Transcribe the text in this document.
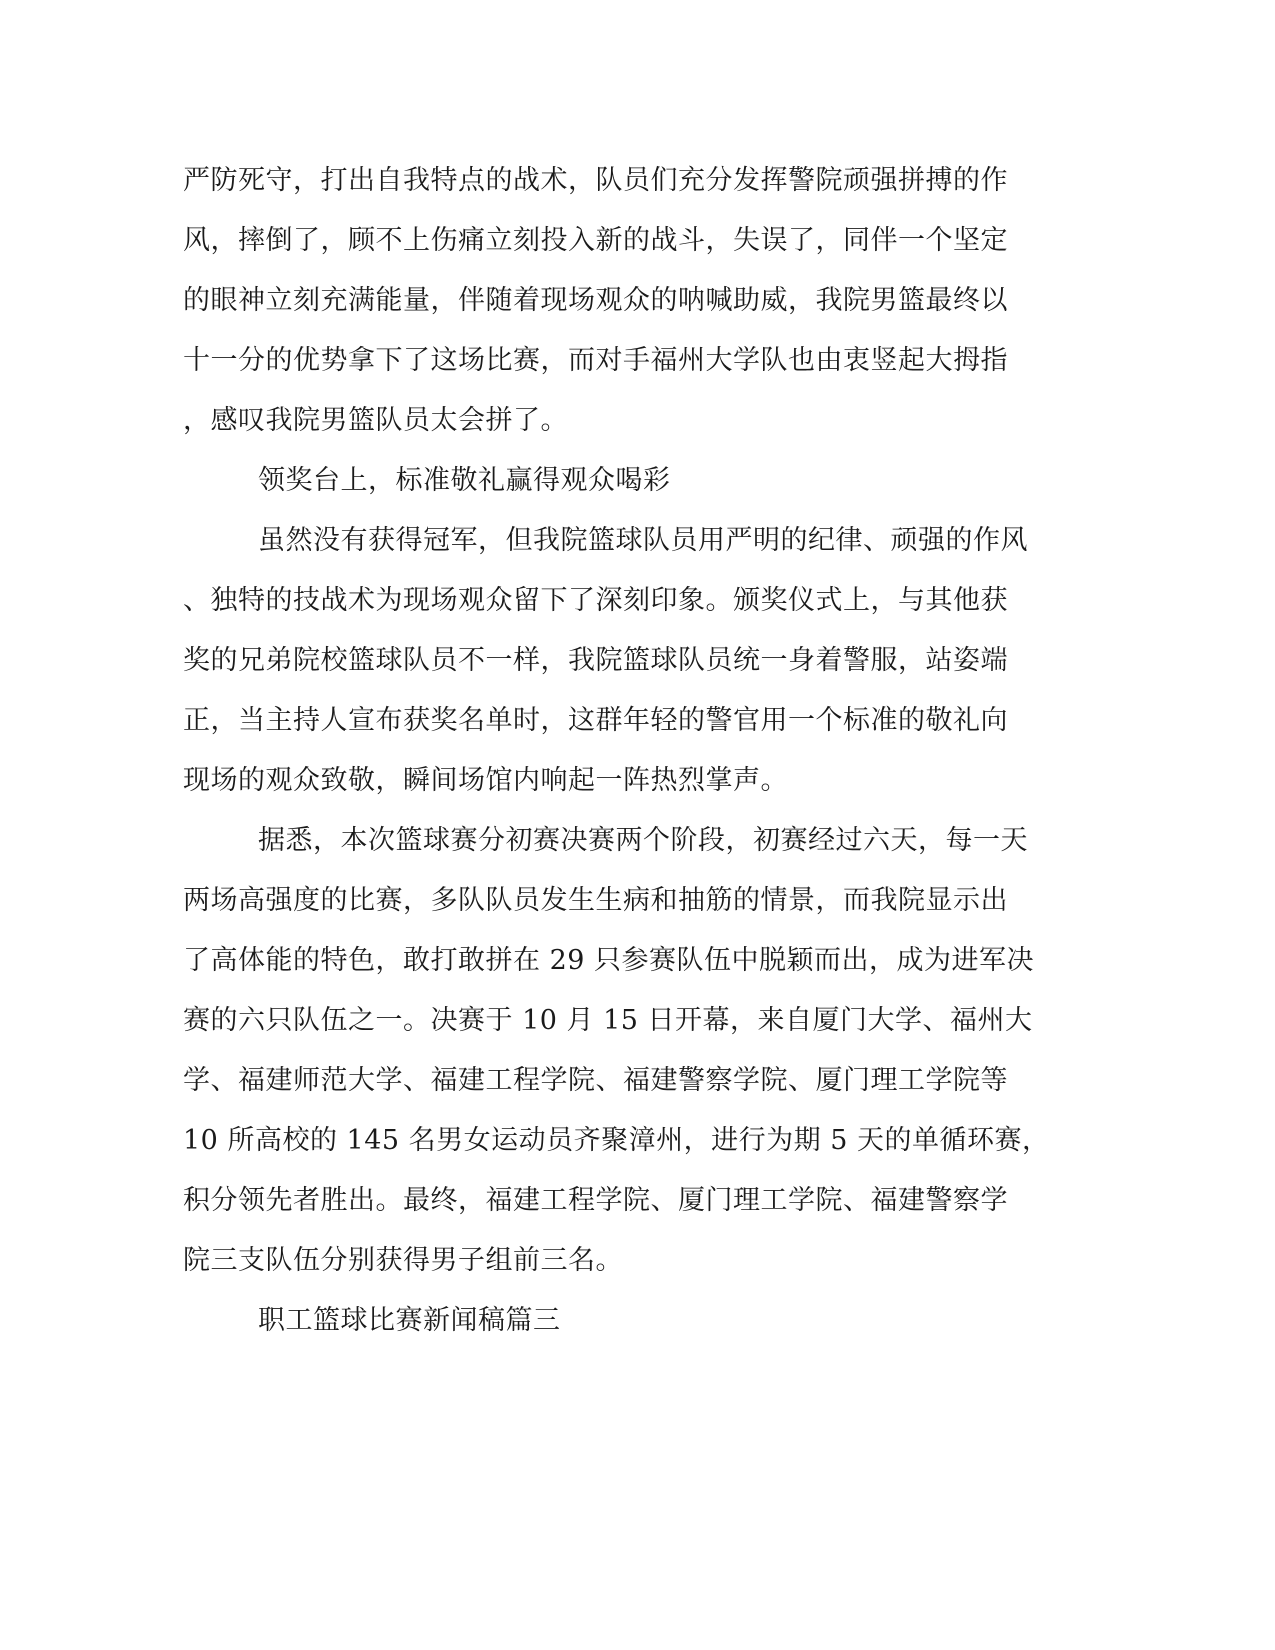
严防死守，打出自我特点的战术，队员们充分发挥警院顽强拼搏的作
风，摔倒了，顾不上伤痛立刻投入新的战斗，失误了，同伴一个坚定
的眼神立刻充满能量，伴随着现场观众的呐喊助威，我院男篮最终以
十一分的优势拿下了这场比赛，而对手福州大学队也由衷竖起大拇指
，感叹我院男篮队员太会拼了。
领奖台上，标准敬礼赢得观众喝彩
虽然没有获得冠军，但我院篮球队员用严明的纪律、顽强的作风
、独特的技战术为现场观众留下了深刻印象。颁奖仪式上，与其他获
奖的兄弟院校篮球队员不一样，我院篮球队员统一身着警服，站姿端
正，当主持人宣布获奖名单时，这群年轻的警官用一个标准的敬礼向
现场的观众致敬，瞬间场馆内响起一阵热烈掌声。
据悉，本次篮球赛分初赛决赛两个阶段，初赛经过六天，每一天
两场高强度的比赛，多队队员发生生病和抽筋的情景，而我院显示出
了高体能的特色，敢打敢拼在 29 只参赛队伍中脱颖而出，成为进军决
赛的六只队伍之一。决赛于 10 月 15 日开幕，来自厦门大学、福州大
学、福建师范大学、福建工程学院、福建警察学院、厦门理工学院等
10 所高校的 145 名男女运动员齐聚漳州，进行为期 5 天的单循环赛，
积分领先者胜出。最终，福建工程学院、厦门理工学院、福建警察学
院三支队伍分别获得男子组前三名。
职工篮球比赛新闻稿篇三
